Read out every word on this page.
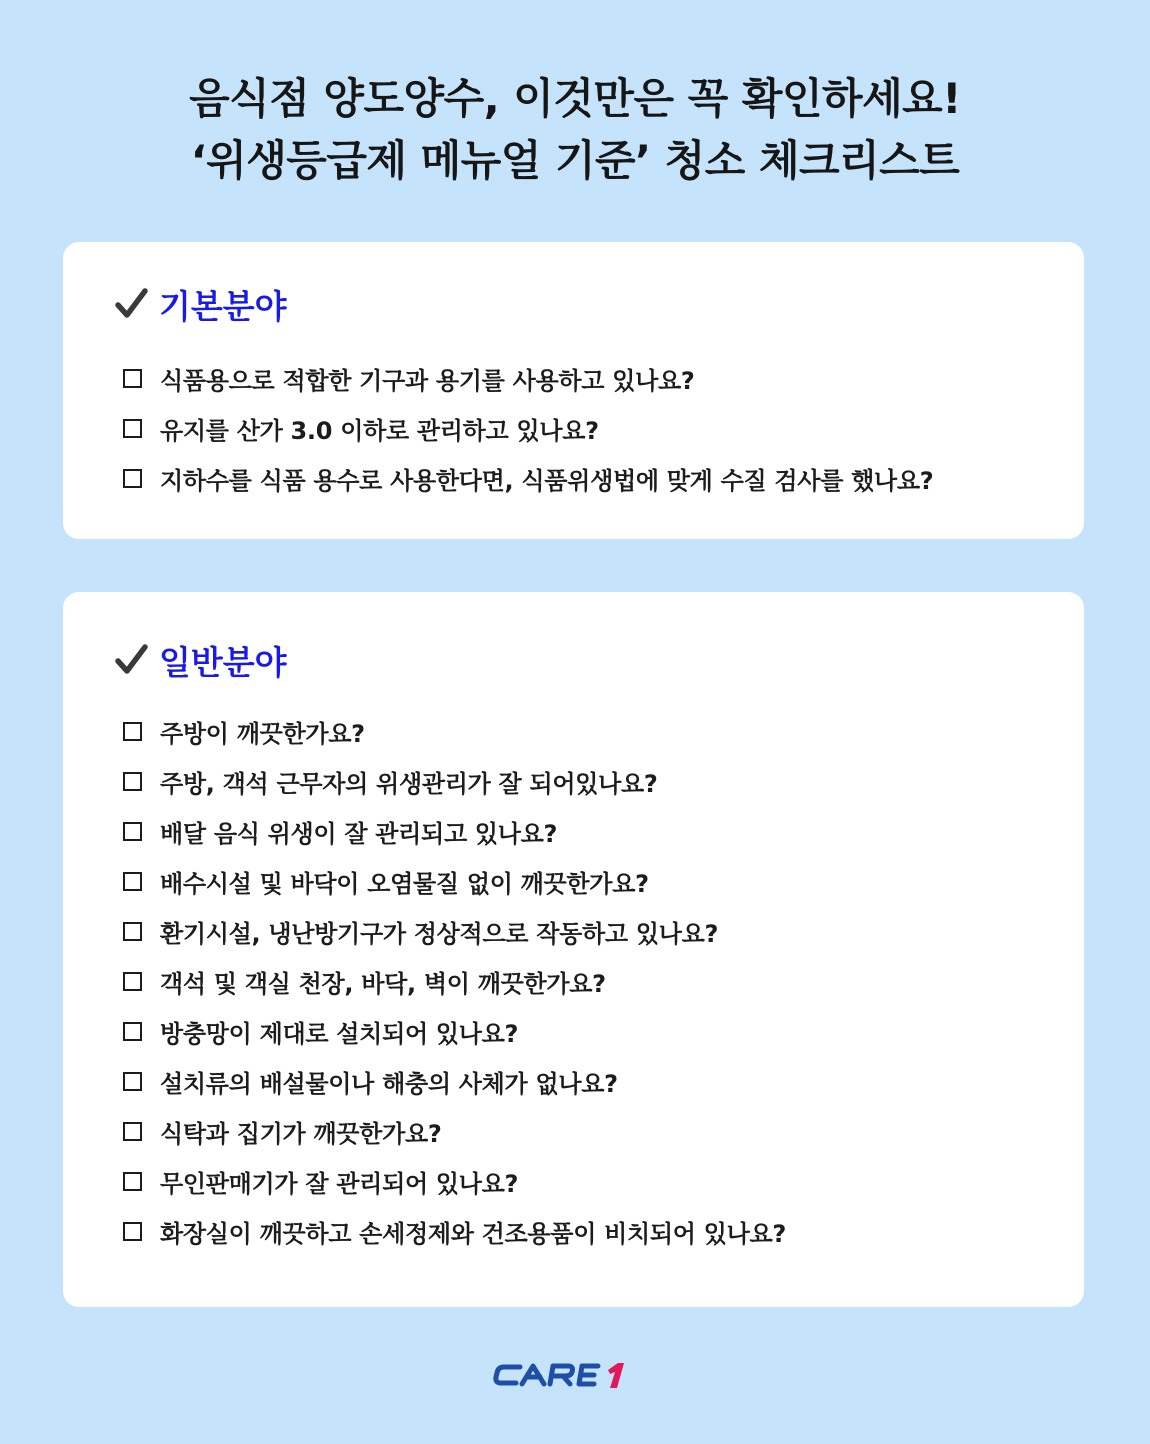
음식점 양도양수, 이것만은 꼭 확인하세요!
‘위생등급제 메뉴얼 기준’ 청소 체크리스트
기본분야
식품용으로 적합한 기구과 용기를 사용하고 있나요?
유지를 산가 3.0 이하로 관리하고 있나요?
지하수를 식품 용수로 사용한다면, 식품위생법에 맞게 수질 검사를 했나요?
일반분야
주방이 깨끗한가요?
주방, 객석 근무자의 위생관리가 잘 되어있나요?
배달 음식 위생이 잘 관리되고 있나요?
배수시설 및 바닥이 오염물질 없이 깨끗한가요?
환기시설, 냉난방기구가 정상적으로 작동하고 있나요?
객석 및 객실 천장, 바닥, 벽이 깨끗한가요?
방충망이 제대로 설치되어 있나요?
설치류의 배설물이나 해충의 사체가 없나요?
식탁과 집기가 깨끗한가요?
무인판매기가 잘 관리되어 있나요?
화장실이 깨끗하고 손세정제와 건조용품이 비치되어 있나요?
